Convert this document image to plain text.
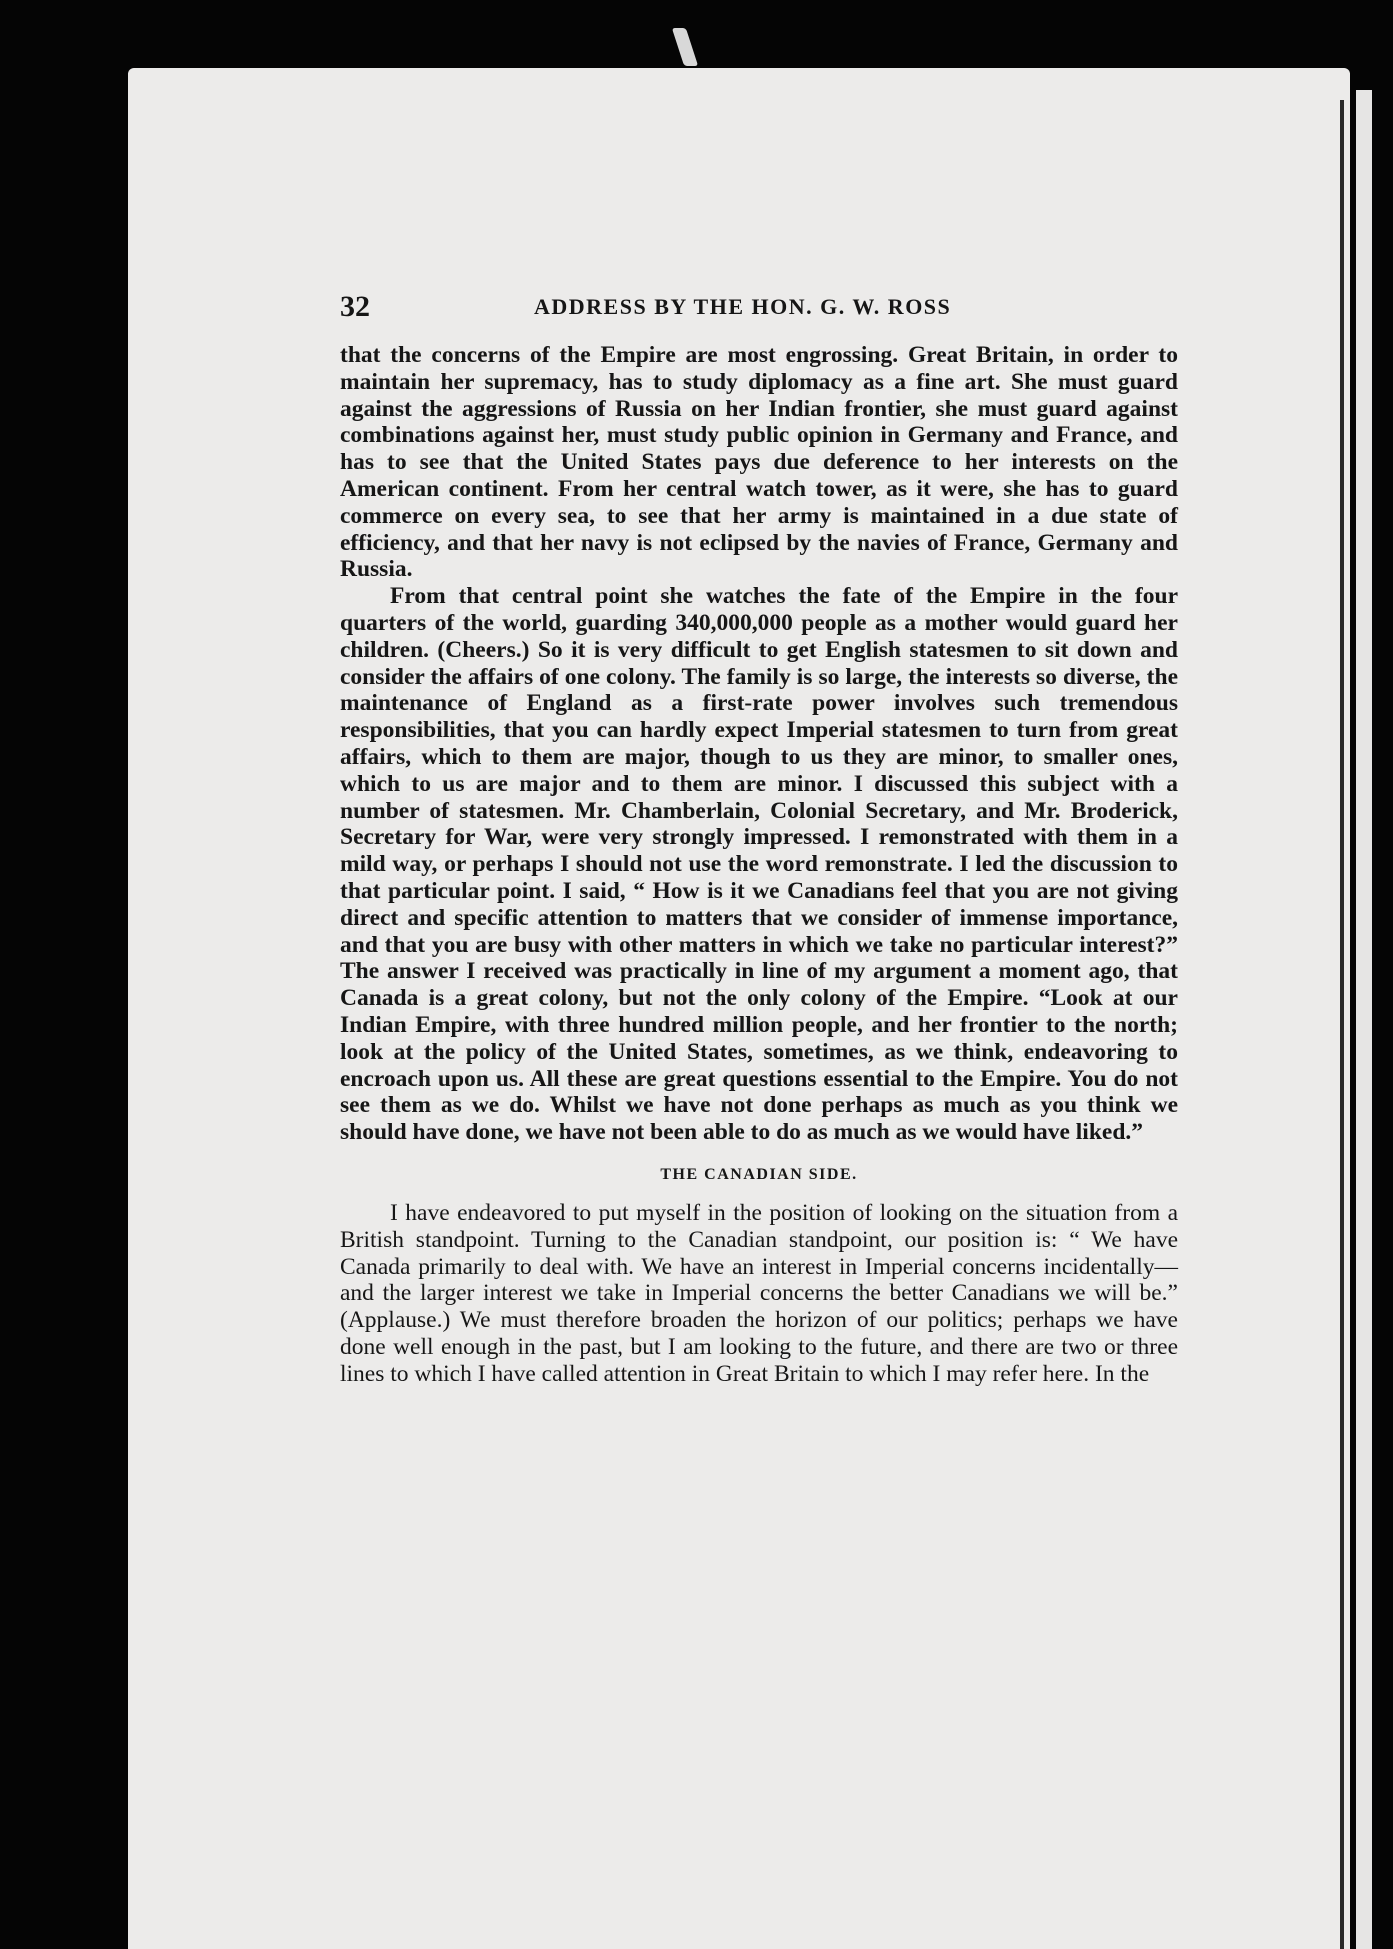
32	ADDRESS BY THE HON. G. W. ROSS

that the concerns of the Empire are most engrossing. Great Britain, in order to maintain her supremacy, has to study diplomacy as a fine art. She must guard against the aggressions of Russia on her Indian frontier, she must guard against combinations against her, must study public opinion in Germany and France, and has to see that the United States pays due deference to her interests on the American continent. From her central watch tower, as it were, she has to guard commerce on every sea, to see that her army is maintained in a due state of efficiency, and that her navy is not eclipsed by the navies of France, Germany and Russia.

From that central point she watches the fate of the Empire in the four quarters of the world, guarding 340,000,000 people as a mother would guard her children. (Cheers.) So it is very difficult to get English statesmen to sit down and consider the affairs of one colony. The family is so large, the interests so diverse, the maintenance of England as a first-rate power involves such tremendous responsibilities, that you can hardly expect Imperial statesmen to turn from great affairs, which to them are major, though to us they are minor, to smaller ones, which to us are major and to them are minor. I discussed this subject with a number of statesmen. Mr. Chamberlain, Colonial Secretary, and Mr. Broderick, Secretary for War, were very strongly impressed. I remonstrated with them in a mild way, or perhaps I should not use the word remonstrate. I led the discussion to that particular point. I said, “ How is it we Canadians feel that you are not giving direct and specific attention to matters that we consider of immense importance, and that you are busy with other matters in which we take no particular interest?” The answer I received was practically in line of my argument a moment ago, that Canada is a great colony, but not the only colony of the Empire. “Look at our Indian Empire, with three hundred million people, and her frontier to the north; look at the policy of the United States, sometimes, as we think, endeavoring to encroach upon us. All these are great questions essential to the Empire. You do not see them as we do. Whilst we have not done perhaps as much as you think we should have done, we have not been able to do as much as we would have liked.”

THE CANADIAN SIDE.

I have endeavored to put myself in the position of looking on the situation from a British standpoint. Turning to the Canadian standpoint, our position is: “ We have Canada primarily to deal with. We have an interest in Imperial concerns incidentally—and the larger interest we take in Imperial concerns the better Canadians we will be.” (Applause.) We must therefore broaden the horizon of our politics; perhaps we have done well enough in the past, but I am looking to the future, and there are two or three lines to which I have called attention in Great Britain to which I may refer here. In the
